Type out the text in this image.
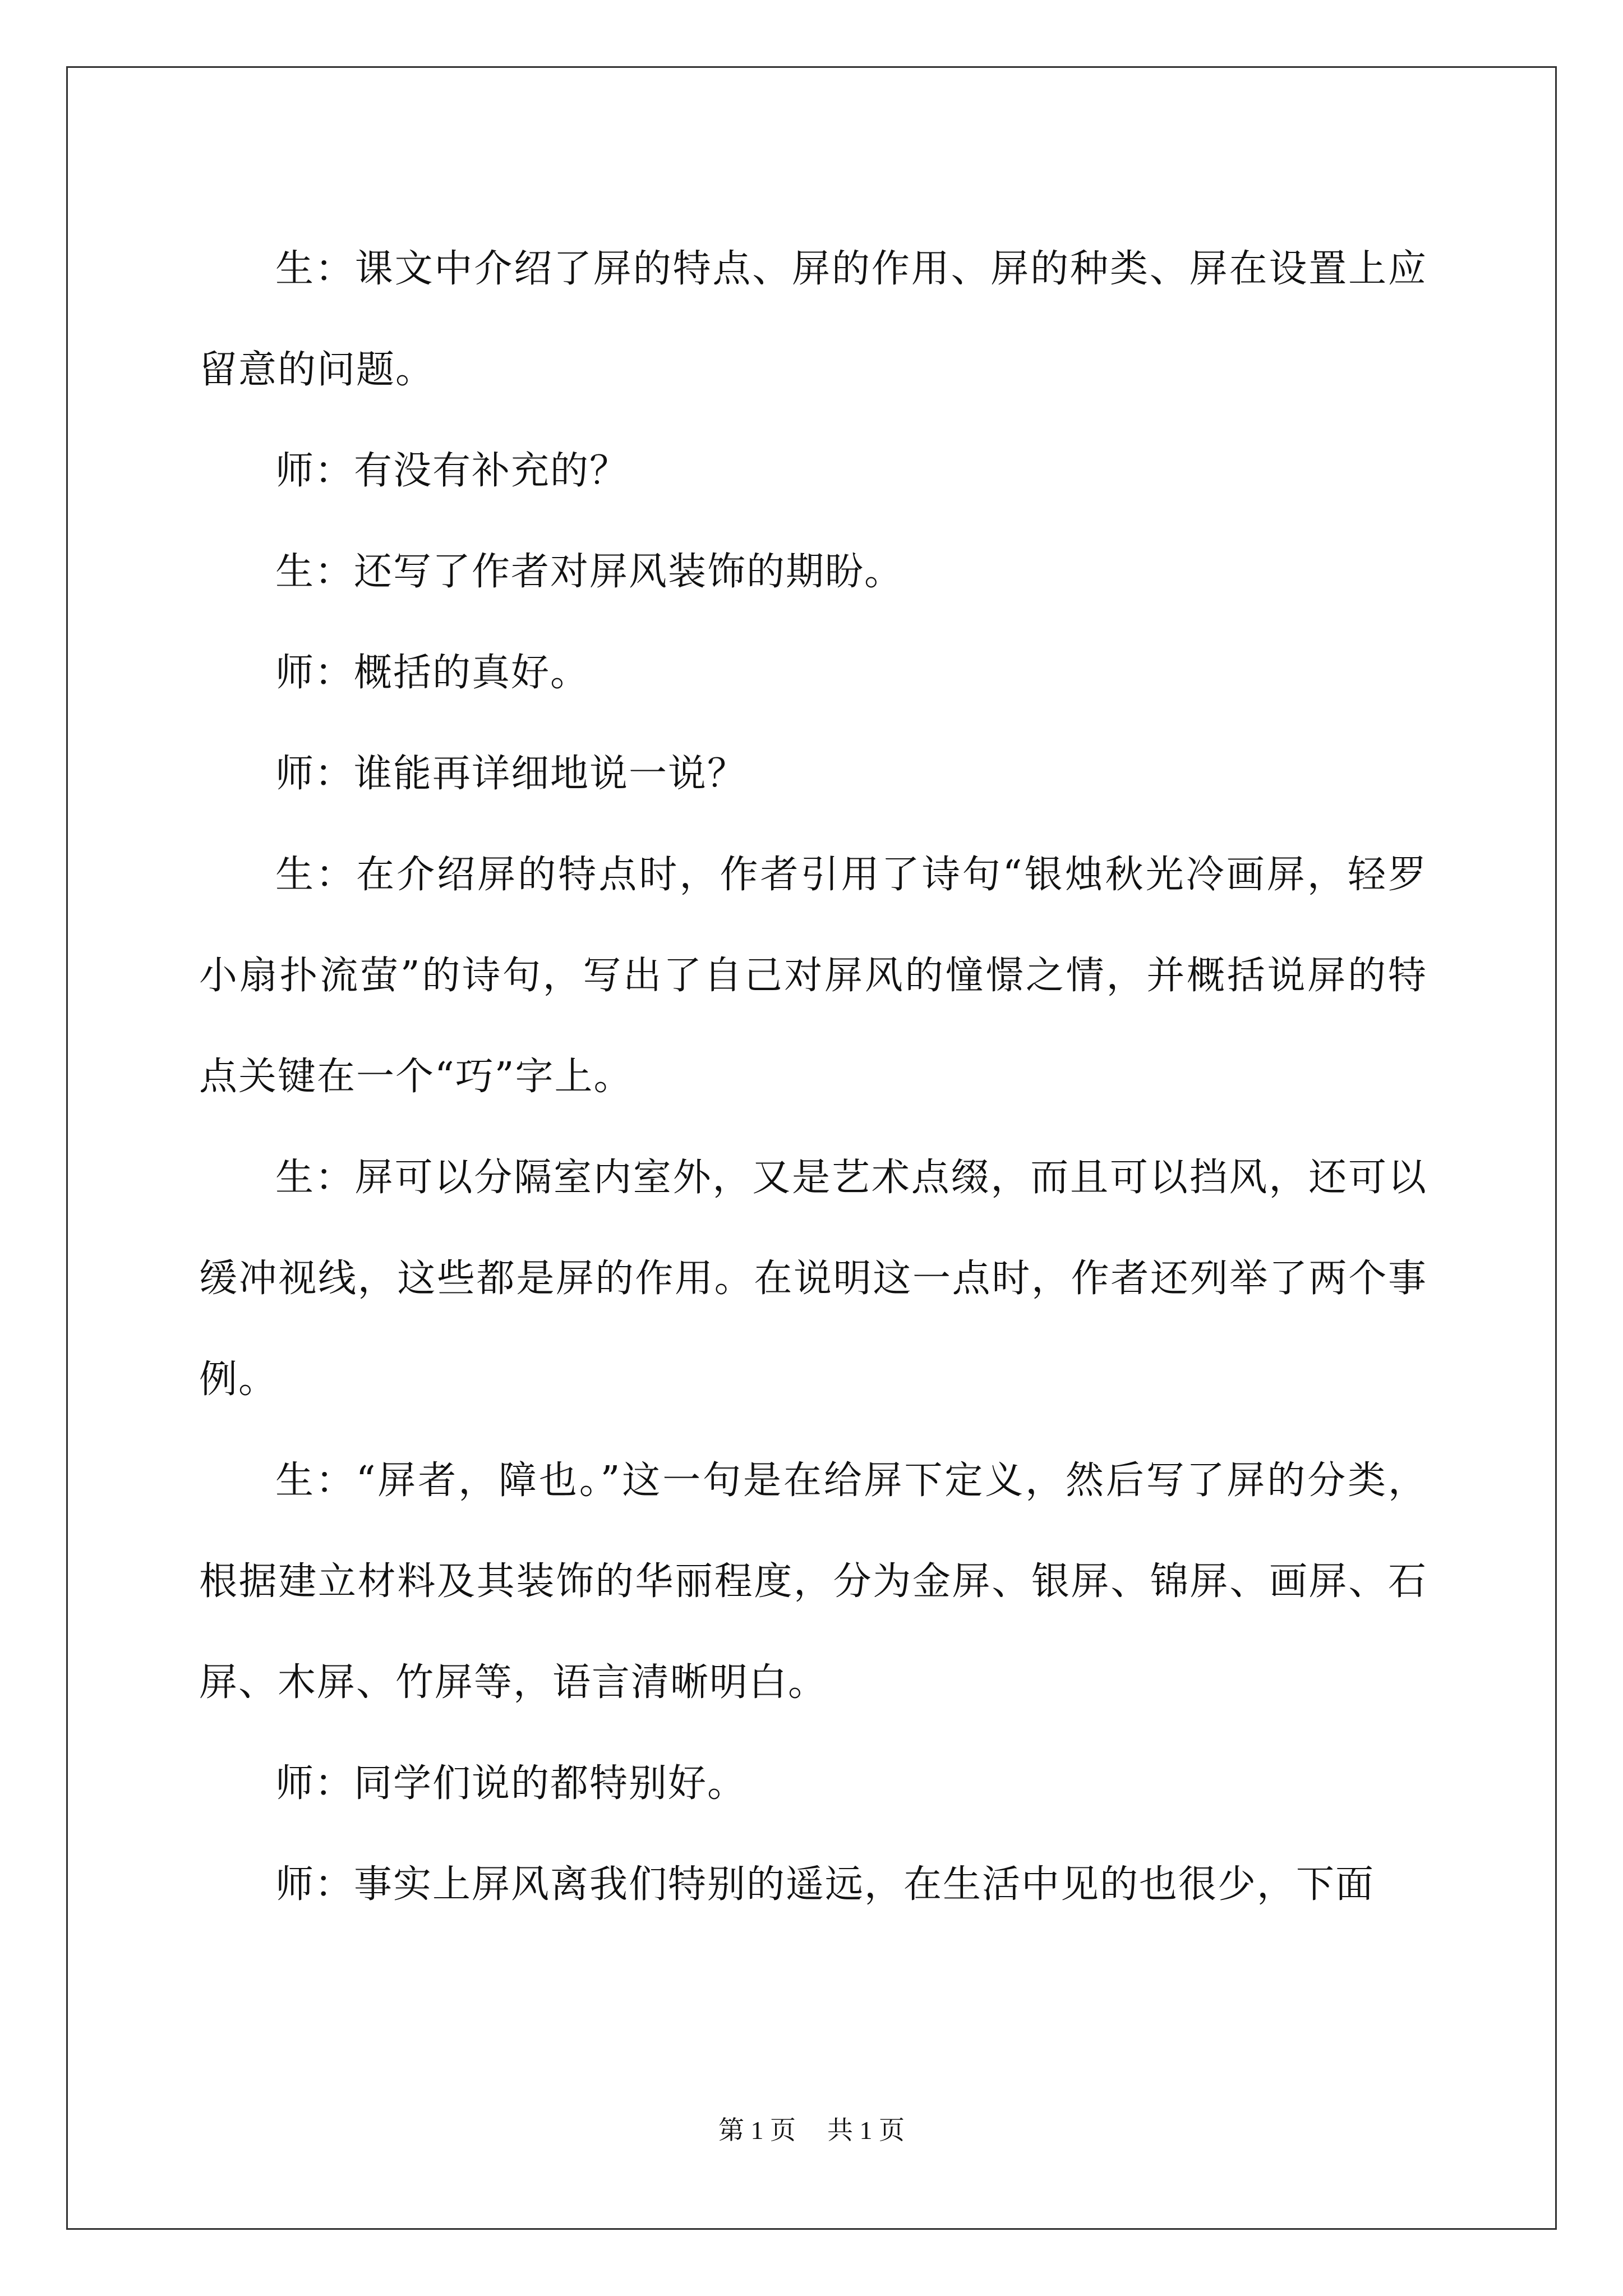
生：课文中介绍了屏的特点、屏的作用、屏的种类、屏在设置上应留意的问题。

师：有没有补充的？

生：还写了作者对屏风装饰的期盼。

师：概括的真好。

师：谁能再详细地说一说？

生：在介绍屏的特点时，作者引用了诗句“银烛秋光冷画屏，轻罗小扇扑流萤”的诗句，写出了自己对屏风的憧憬之情，并概括说屏的特点关键在一个“巧”字上。

生：屏可以分隔室内室外，又是艺术点缀，而且可以挡风，还可以缓冲视线，这些都是屏的作用。在说明这一点时，作者还列举了两个事例。

生：“屏者，障也。”这一句是在给屏下定义，然后写了屏的分类，根据建立材料及其装饰的华丽程度，分为金屏、银屏、锦屏、画屏、石屏、木屏、竹屏等，语言清晰明白。

师：同学们说的都特别好。

师：事实上屏风离我们特别的遥远，在生活中见的也很少，下面

第 1 页 共 1 页
